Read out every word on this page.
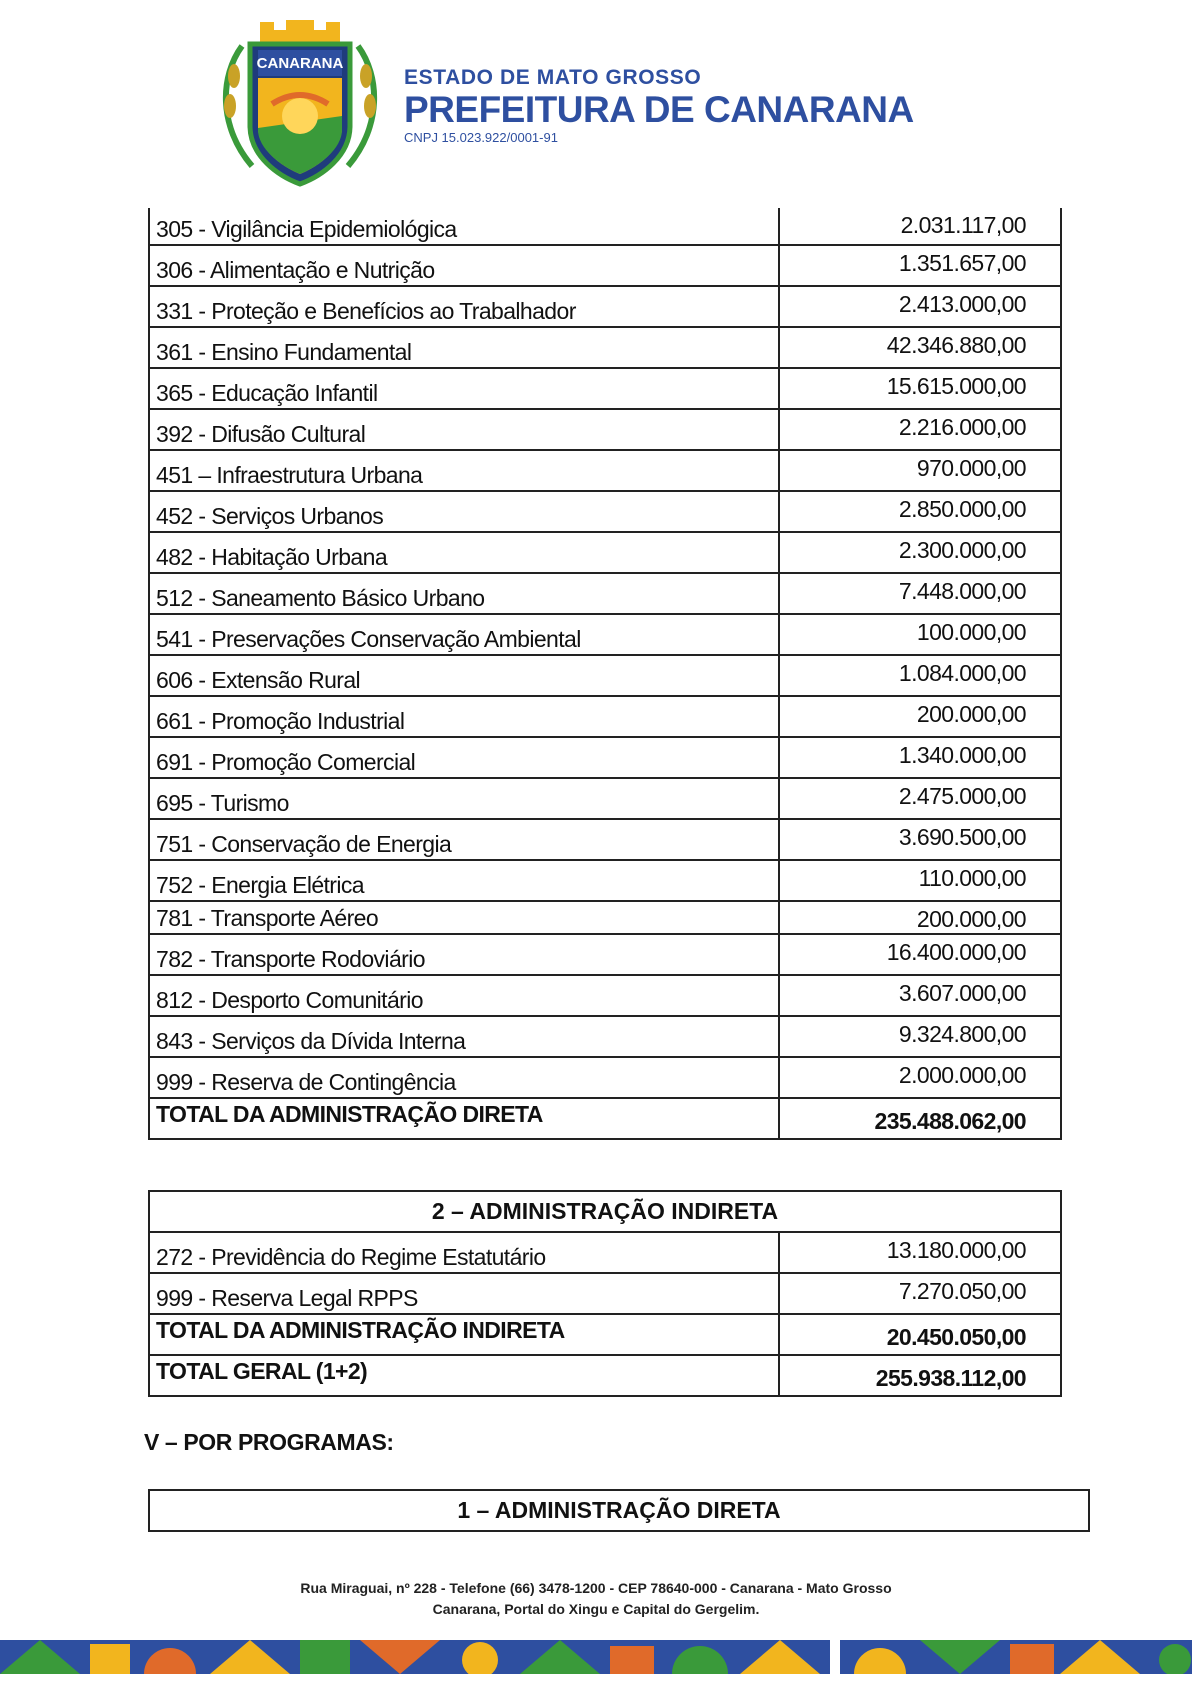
CANARANA
ESTADO DE MATO GROSSO
PREFEITURA DE CANARANA
CNPJ 15.023.922/0001-91
305 - Vigilância Epidemiológica	2.031.117,00
306 - Alimentação e Nutrição	1.351.657,00
331 - Proteção e Benefícios ao Trabalhador	2.413.000,00
361 - Ensino Fundamental	42.346.880,00
365 - Educação Infantil	15.615.000,00
392 - Difusão Cultural	2.216.000,00
451 – Infraestrutura Urbana	970.000,00
452 - Serviços Urbanos	2.850.000,00
482 - Habitação Urbana	2.300.000,00
512 - Saneamento Básico Urbano	7.448.000,00
541 - Preservações Conservação Ambiental	100.000,00
606 - Extensão Rural	1.084.000,00
661 - Promoção Industrial	200.000,00
691 - Promoção Comercial	1.340.000,00
695 - Turismo	2.475.000,00
751 - Conservação de Energia	3.690.500,00
752 - Energia Elétrica	110.000,00
781 - Transporte Aéreo	200.000,00
782 - Transporte Rodoviário	16.400.000,00
812 - Desporto Comunitário	3.607.000,00
843 - Serviços da Dívida Interna	9.324.800,00
999 - Reserva de Contingência	2.000.000,00
TOTAL DA ADMINISTRAÇÃO DIRETA	235.488.062,00
2 – ADMINISTRAÇÃO INDIRETA	
272 - Previdência do Regime Estatutário	13.180.000,00
999 - Reserva Legal RPPS	7.270.050,00
TOTAL DA ADMINISTRAÇÃO INDIRETA	20.450.050,00
TOTAL GERAL (1+2)	255.938.112,00
V – POR PROGRAMAS:
1 – ADMINISTRAÇÃO DIRETA
Rua Miraguai, nº 228 - Telefone (66) 3478-1200 - CEP 78640-000 - Canarana - Mato Grosso
Canarana, Portal do Xingu e Capital do Gergelim.
